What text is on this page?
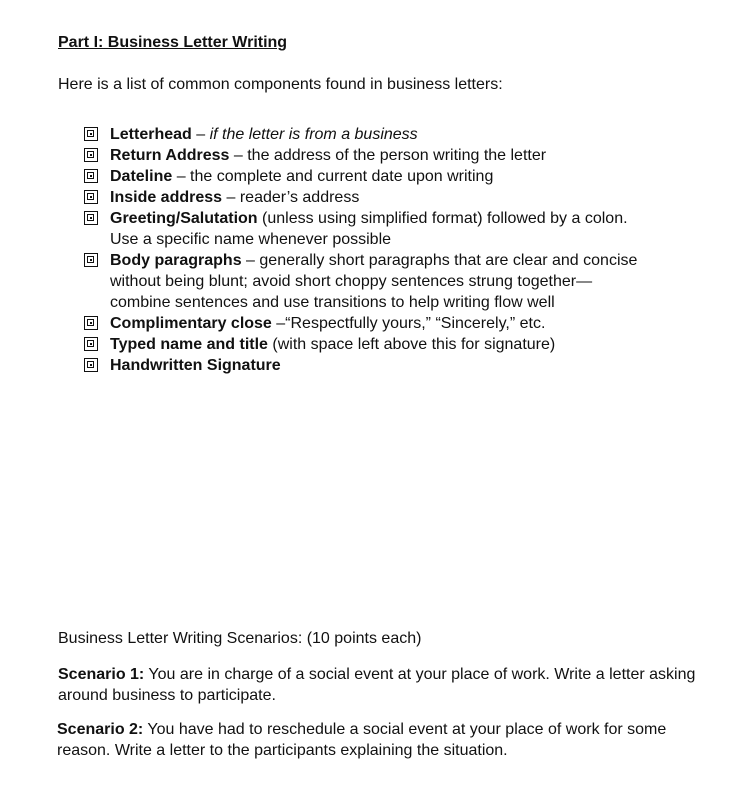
Part I: Business Letter Writing

Here is a list of common components found in business letters:

Letterhead – if the letter is from a business
Return Address – the address of the person writing the letter
Dateline – the complete and current date upon writing
Inside address – reader’s address
Greeting/Salutation (unless using simplified format) followed by a colon. Use a specific name whenever possible
Body paragraphs – generally short paragraphs that are clear and concise without being blunt; avoid short choppy sentences strung together—combine sentences and use transitions to help writing flow well
Complimentary close –“Respectfully yours,” “Sincerely,” etc.
Typed name and title (with space left above this for signature)
Handwritten Signature

Business Letter Writing Scenarios: (10 points each)

Scenario 1: You are in charge of a social event at your place of work. Write a letter asking around business to participate.

Scenario 2: You have had to reschedule a social event at your place of work for some reason. Write a letter to the participants explaining the situation.
